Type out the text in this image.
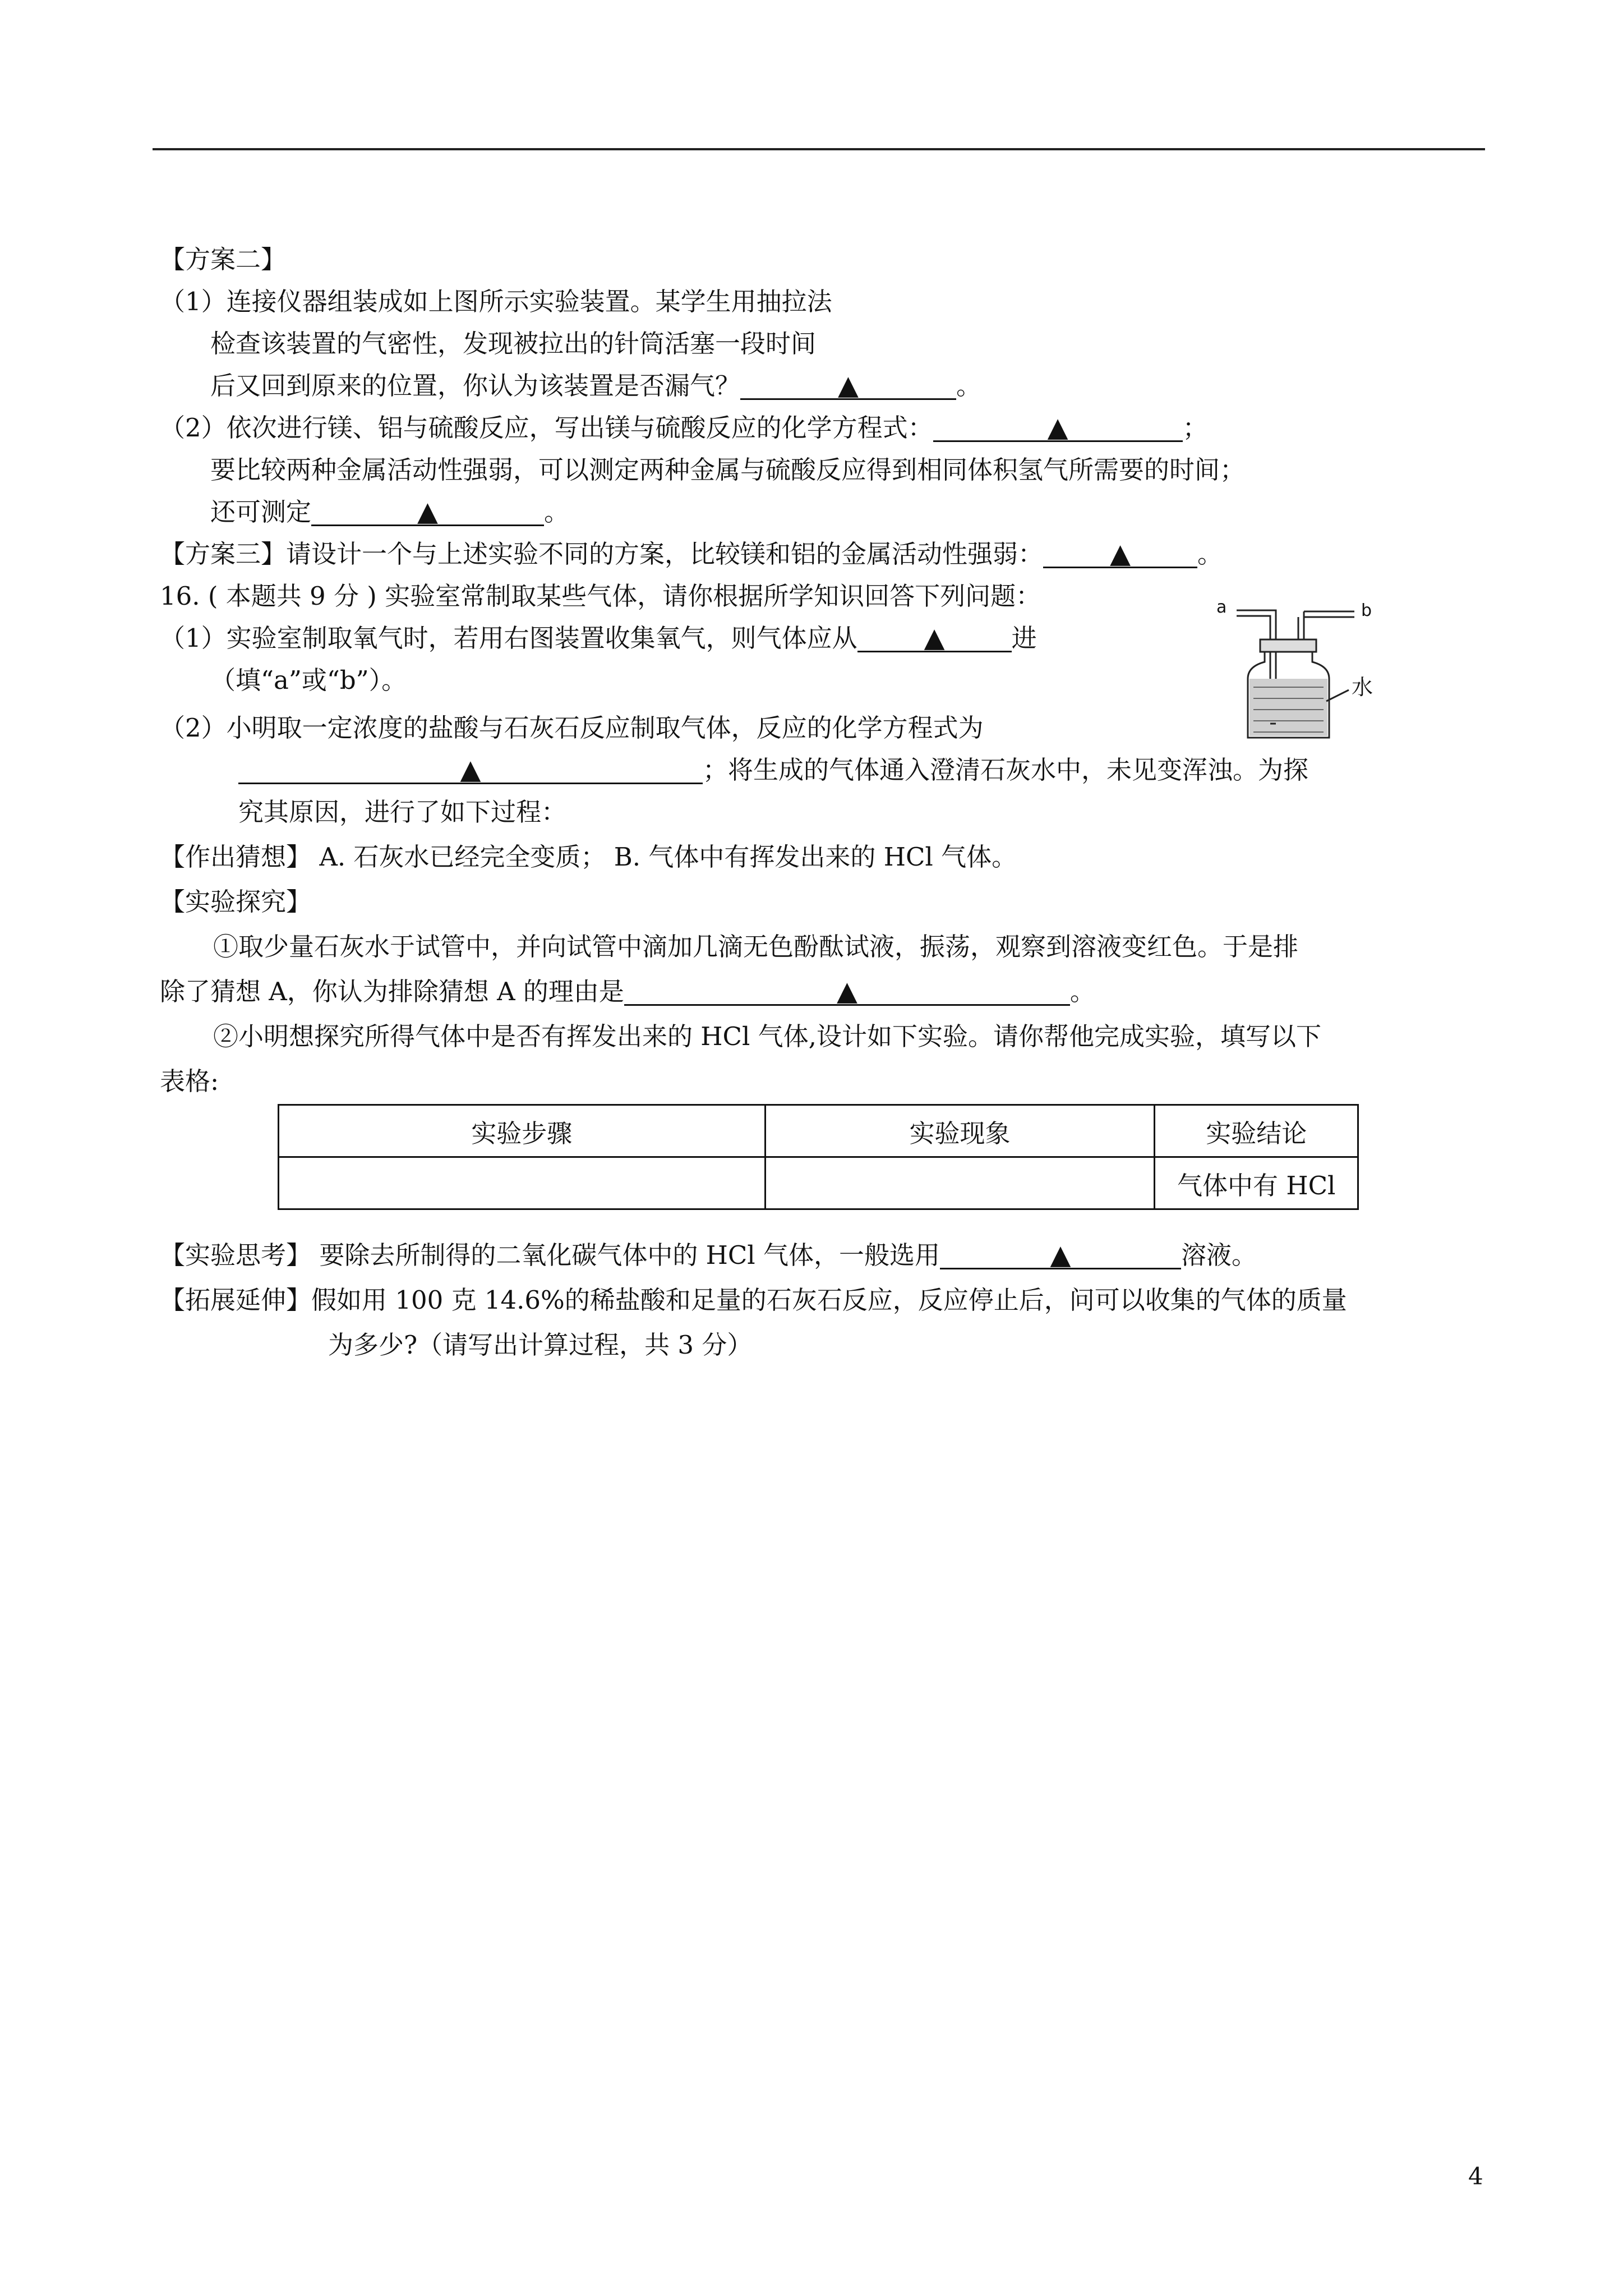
【方案二】
（1）连接仪器组装成如上图所示实验装置。某学生用抽拉法
检查该装置的气密性，发现被拉出的针筒活塞一段时间
后又回到原来的位置，你认为该装置是否漏气？	▲	。
（2）依次进行镁、铝与硫酸反应，写出镁与硫酸反应的化学方程式：	▲	；
要比较两种金属活动性强弱，可以测定两种金属与硫酸反应得到相同体积氢气所需要的时间；
还可测定	▲	。
【方案三】请设计一个与上述实验不同的方案，比较镁和铝的金属活动性强弱： ▲	。
16. ( 本题共 9 分 ) 实验室常制取某些气体，请你根据所学知识回答下列问题：
（1）实验室制取氧气时，若用右图装置收集氧气，则气体应从 ▲	进
（填“a”或“b”）。
（2）小明取一定浓度的盐酸与石灰石反应制取气体，反应的化学方程式为
▲	；将生成的气体通入澄清石灰水中，未见变浑浊。为探
究其原因，进行了如下过程：
【作出猜想】 A. 石灰水已经完全变质； B. 气体中有挥发出来的 HCl 气体。
【实验探究】
①取少量石灰水于试管中，并向试管中滴加几滴无色酚酞试液，振荡，观察到溶液变红色。于是排
除了猜想 A，你认为排除猜想 A 的理由是	▲	。
②小明想探究所得气体中是否有挥发出来的 HCl 气体,设计如下实验。请你帮他完成实验，填写以下
表格:
实验步骤	实验现象	实验结论
		气体中有 HCl
【实验思考】 要除去所制得的二氧化碳气体中的 HCl 气体，一般选用	▲	溶液。
【拓展延伸】假如用 100 克 14.6%的稀盐酸和足量的石灰石反应，反应停止后，问可以收集的气体的质量
为多少?（请写出计算过程，共 3 分）
a	b
水
4
